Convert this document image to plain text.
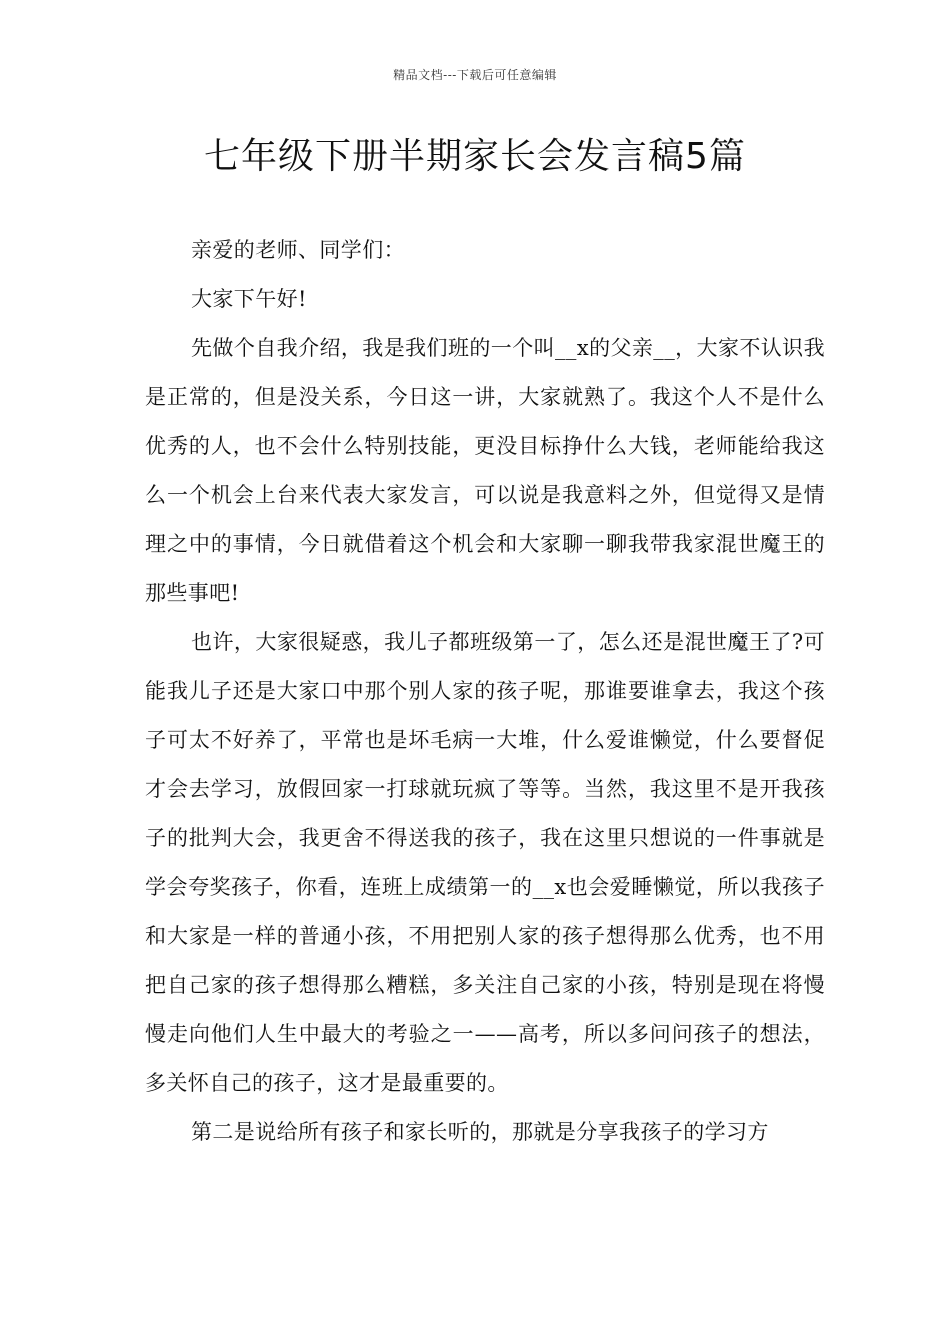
精品文档---下载后可任意编辑
七年级下册半期家长会发言稿5篇

亲爱的老师、同学们：

大家下午好!

先做个自我介绍，我是我们班的一个叫__x的父亲__，大家不认识我是正常的，但是没关系，今日这一讲，大家就熟了。我这个人不是什么优秀的人，也不会什么特别技能，更没目标挣什么大钱，老师能给我这么一个机会上台来代表大家发言，可以说是我意料之外，但觉得又是情理之中的事情，今日就借着这个机会和大家聊一聊我带我家混世魔王的那些事吧!

也许，大家很疑惑，我儿子都班级第一了，怎么还是混世魔王了?可能我儿子还是大家口中那个别人家的孩子呢，那谁要谁拿去，我这个孩子可太不好养了，平常也是坏毛病一大堆，什么爱谁懒觉，什么要督促才会去学习，放假回家一打球就玩疯了等等。当然，我这里不是开我孩子的批判大会，我更舍不得送我的孩子，我在这里只想说的一件事就是学会夸奖孩子，你看，连班上成绩第一的__x也会爱睡懒觉，所以我孩子和大家是一样的普通小孩，不用把别人家的孩子想得那么优秀，也不用把自己家的孩子想得那么糟糕，多关注自己家的小孩，特别是现在将慢慢走向他们人生中最大的考验之一——高考，所以多问问孩子的想法，多关怀自己的孩子，这才是最重要的。

第二是说给所有孩子和家长听的，那就是分享我孩子的学习方
